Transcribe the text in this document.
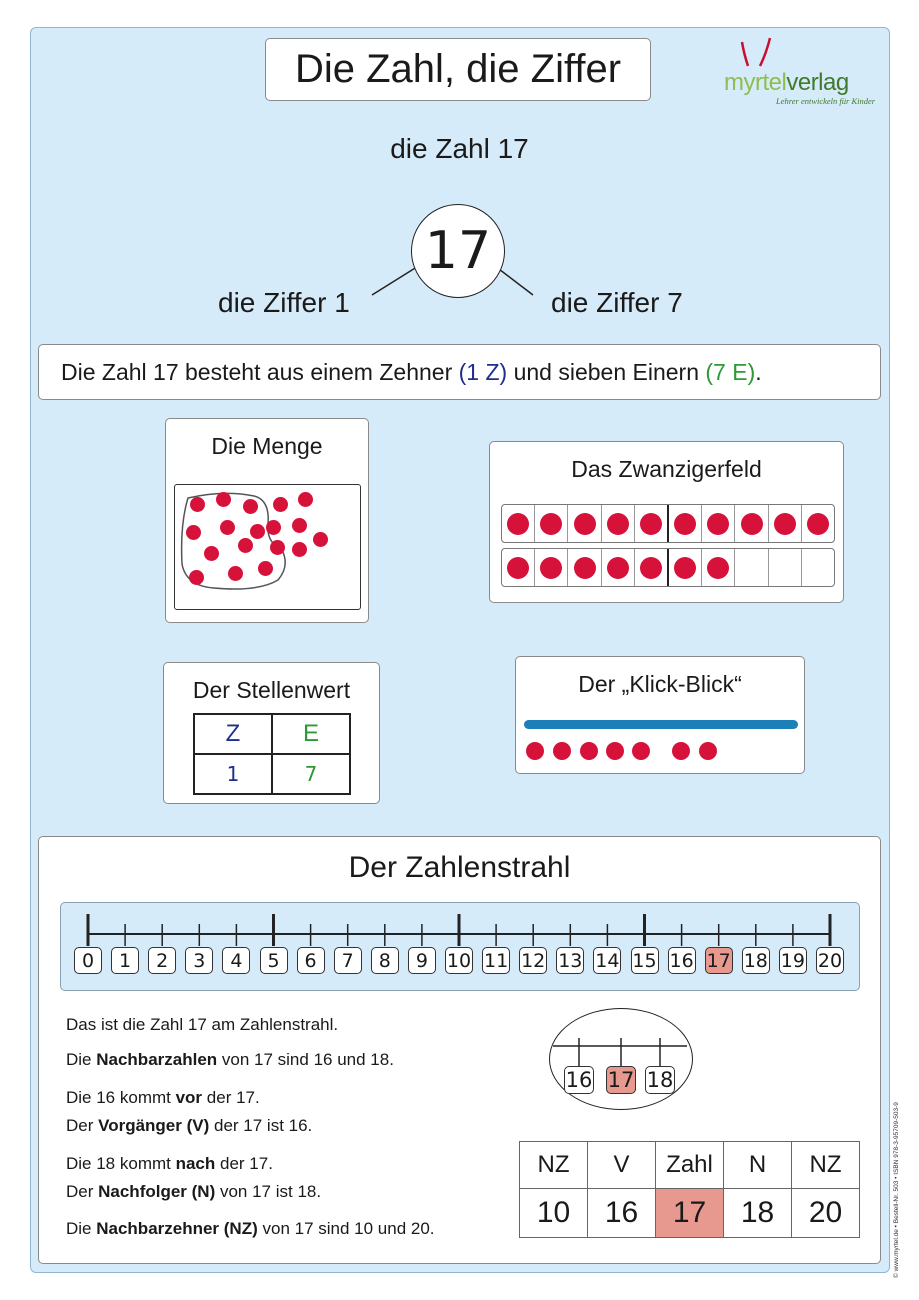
Die Zahl, die Ziffer	myrtelverlag
Lehrer entwickeln für Kinder
die Zahl 17
17
die Ziffer 1	die Ziffer 7
Die Zahl 17 besteht aus einem Zehner
(1 Z)
und sieben Einern
(7 E) .
Die Menge
Das Zwanzigerfeld
Der Stellenwert
Z	E
1	7
Der „Klick-Blick“
Der Zahlenstrahl
0	1	2	3	4	5	6	7	8	9 10 11 12 13 14 15 16 17 18 19 20
Das ist die Zahl 17 am Zahlenstrahl.
Die Nachbarzahlen von 17 sind 16 und 18.
Die 16 kommt vor der 17.
Der Vorgänger (V) der 17 ist 16.
Die 18 kommt nach der 17.
Der Nachfolger (N) von 17 ist 18.
Die Nachbarzehner (NZ) von 17 sind 10 und 20.
16 17 18
NZ	V	Zahl	N	NZ
10	16	17	18	20	© www.myrtel.de • Bestell-Nr. 503 • ISBN 978-3-95709-503-9
